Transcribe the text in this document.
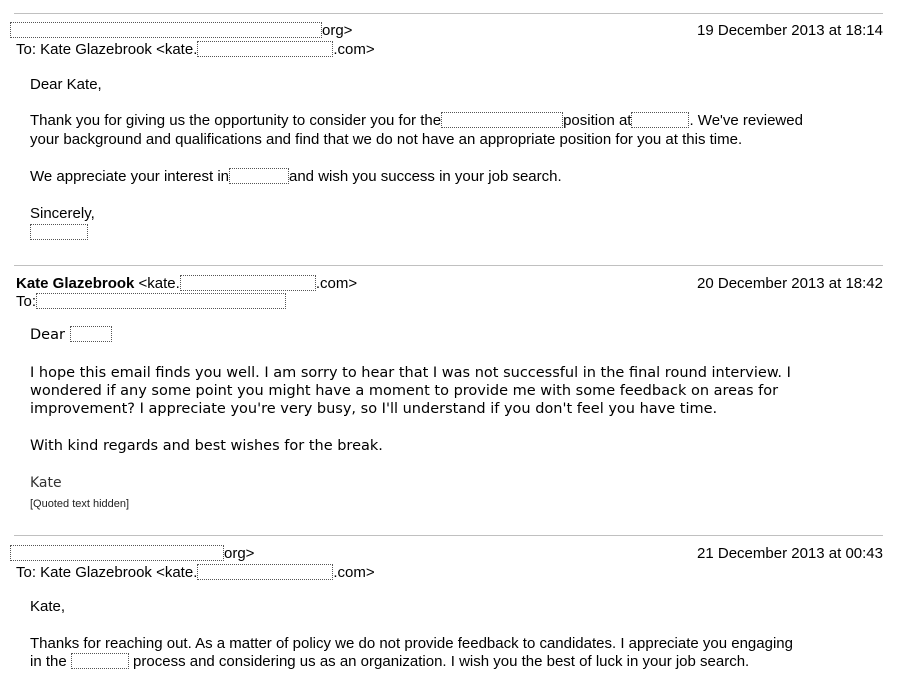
org>	19 December 2013 at 18:14
To: Kate Glazebrook <kate.	.com>
Dear Kate,
Thank you for giving us the opportunity to consider you for the	position at	. We've reviewed
your background and qualifications and find that we do not have an appropriate position for you at this time.
We appreciate your interest in	and wish you success in your job search.
Sincerely,
Kate Glazebrook <kate.	.com>	20 December 2013 at 18:42
To:
Dear
I hope this email finds you well. I am sorry to hear that I was not successful in the final round interview. I
wondered if any some point you might have a moment to provide me with some feedback on areas for
improvement? I appreciate you're very busy, so I'll understand if you don't feel you have time.
With kind regards and best wishes for the break.
Kate
[Quoted text hidden]
org>	21 December 2013 at 00:43
To: Kate Glazebrook <kate.	.com>
Kate,
Thanks for reaching out. As a matter of policy we do not provide feedback to candidates. I appreciate you engaging
in the	process and considering us as an organization. I wish you the best of luck in your job search.
